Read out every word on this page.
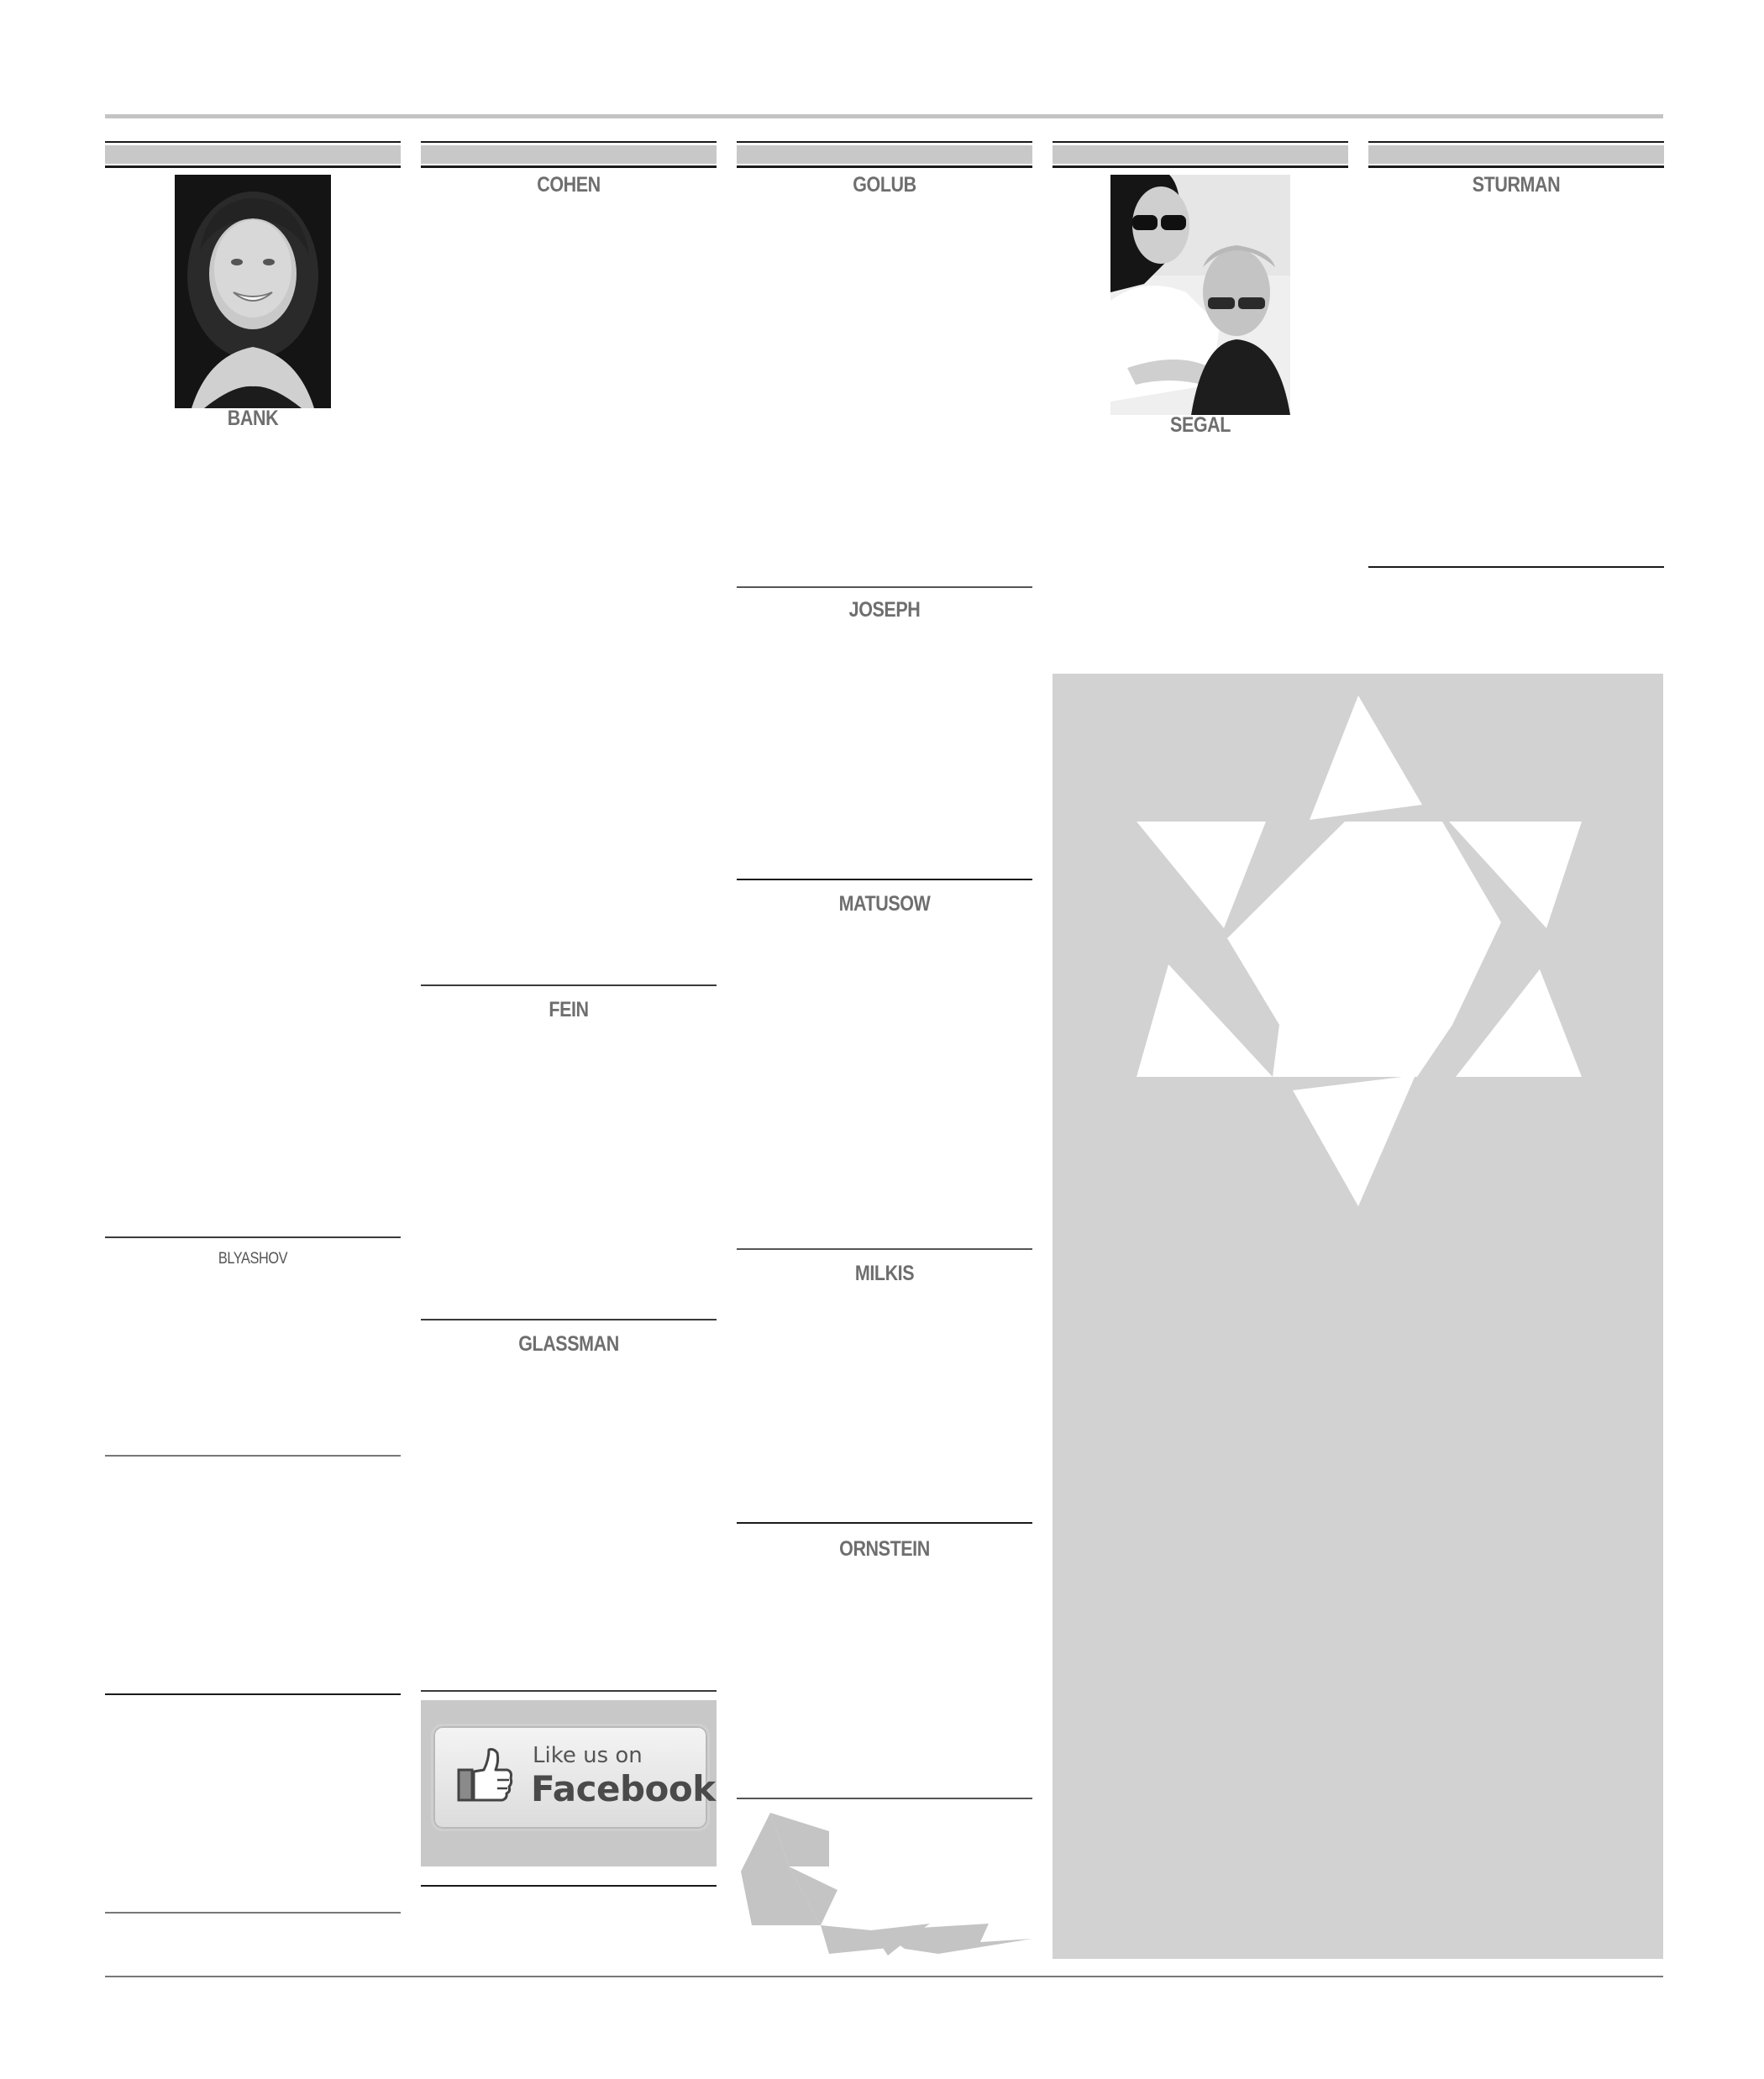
BANK
BLYASHOV
COHEN
FEIN
GLASSMAN
Like us on
Facebook
GOLUB
JOSEPH
MATUSOW
MILKIS
ORNSTEIN
SEGAL
STURMAN
